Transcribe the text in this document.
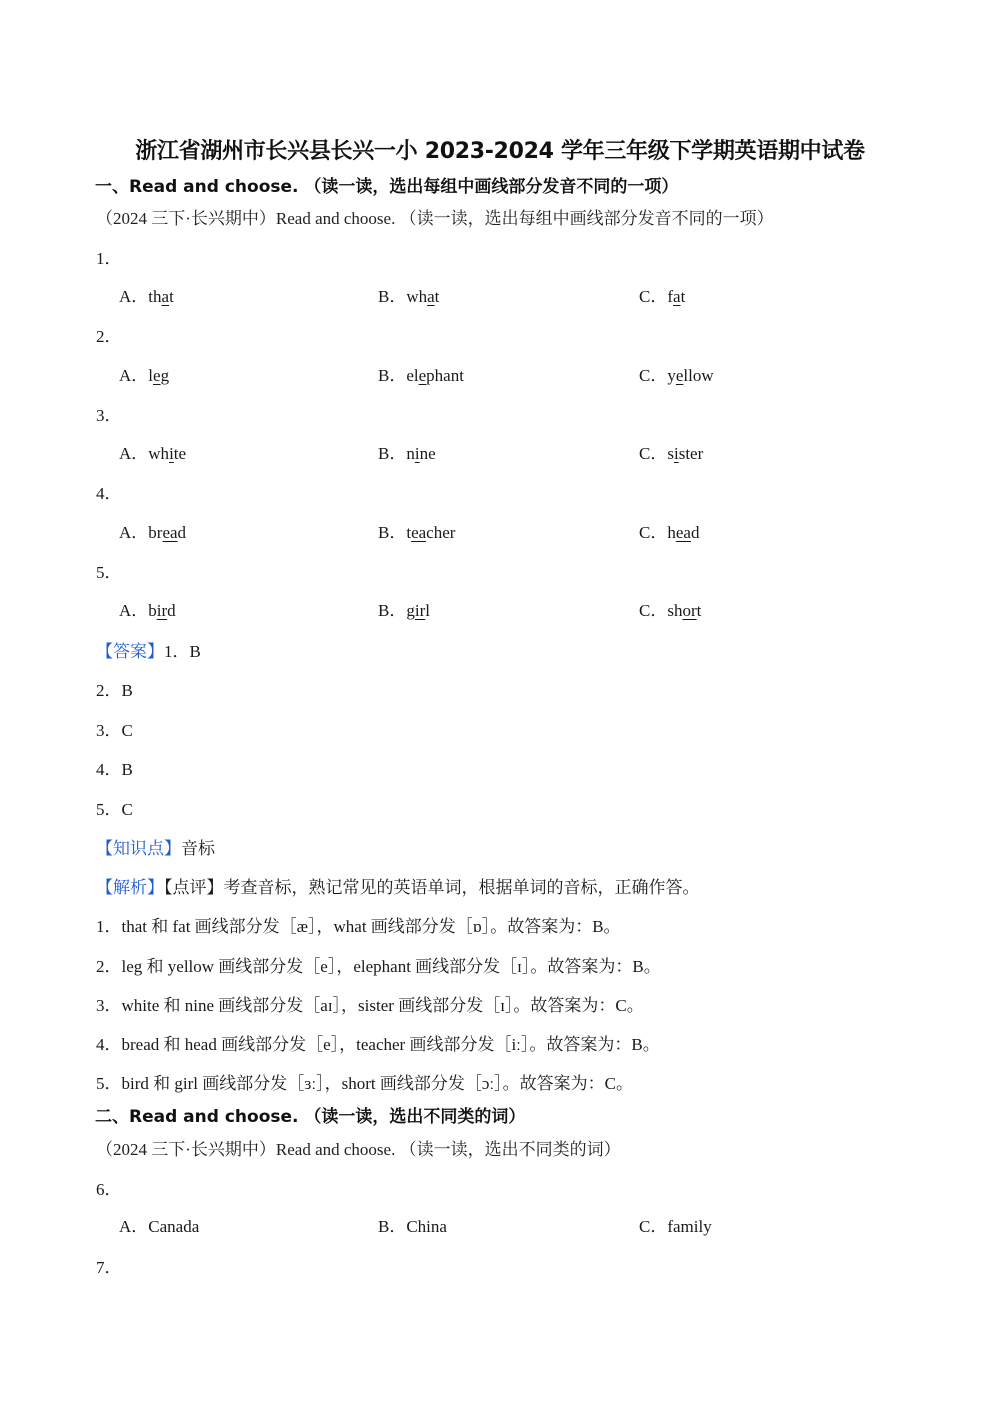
浙江省湖州市长兴县长兴一小 2023-2024 学年三年级下学期英语期中试卷
一、Read and choose. （读一读，选出每组中画线部分发音不同的一项）
（2024 三下·长兴期中）Read and choose. （读一读，选出每组中画线部分发音不同的一项）
1．
A．that	B．what	C．fat
2．
A．leg	B．elephant	C．yellow
3．
A．white	B．nine	C．sister
4．
A．bread	B．teacher	C．head
5．
A．bird	B．girl	C．short
【答案】1．B
2．B
3．C
4．B
5．C
【知识点】音标
【解析】【点评】考查音标，熟记常见的英语单词，根据单词的音标，正确作答。
1．that 和 fat 画线部分发［æ］，what 画线部分发［ɒ］。故答案为：B。
2．leg 和 yellow 画线部分发［e］，elephant 画线部分发［ɪ］。故答案为：B。
3．white 和 nine 画线部分发［aɪ］，sister 画线部分发［ɪ］。故答案为：C。
4．bread 和 head 画线部分发［e］，teacher 画线部分发［iː］。故答案为：B。
5．bird 和 girl 画线部分发［ɜː］，short 画线部分发［ɔː］。故答案为：C。
二、Read and choose. （读一读，选出不同类的词）
（2024 三下·长兴期中）Read and choose. （读一读，选出不同类的词）
6．
A．Canada	B．China	C．family
7．
